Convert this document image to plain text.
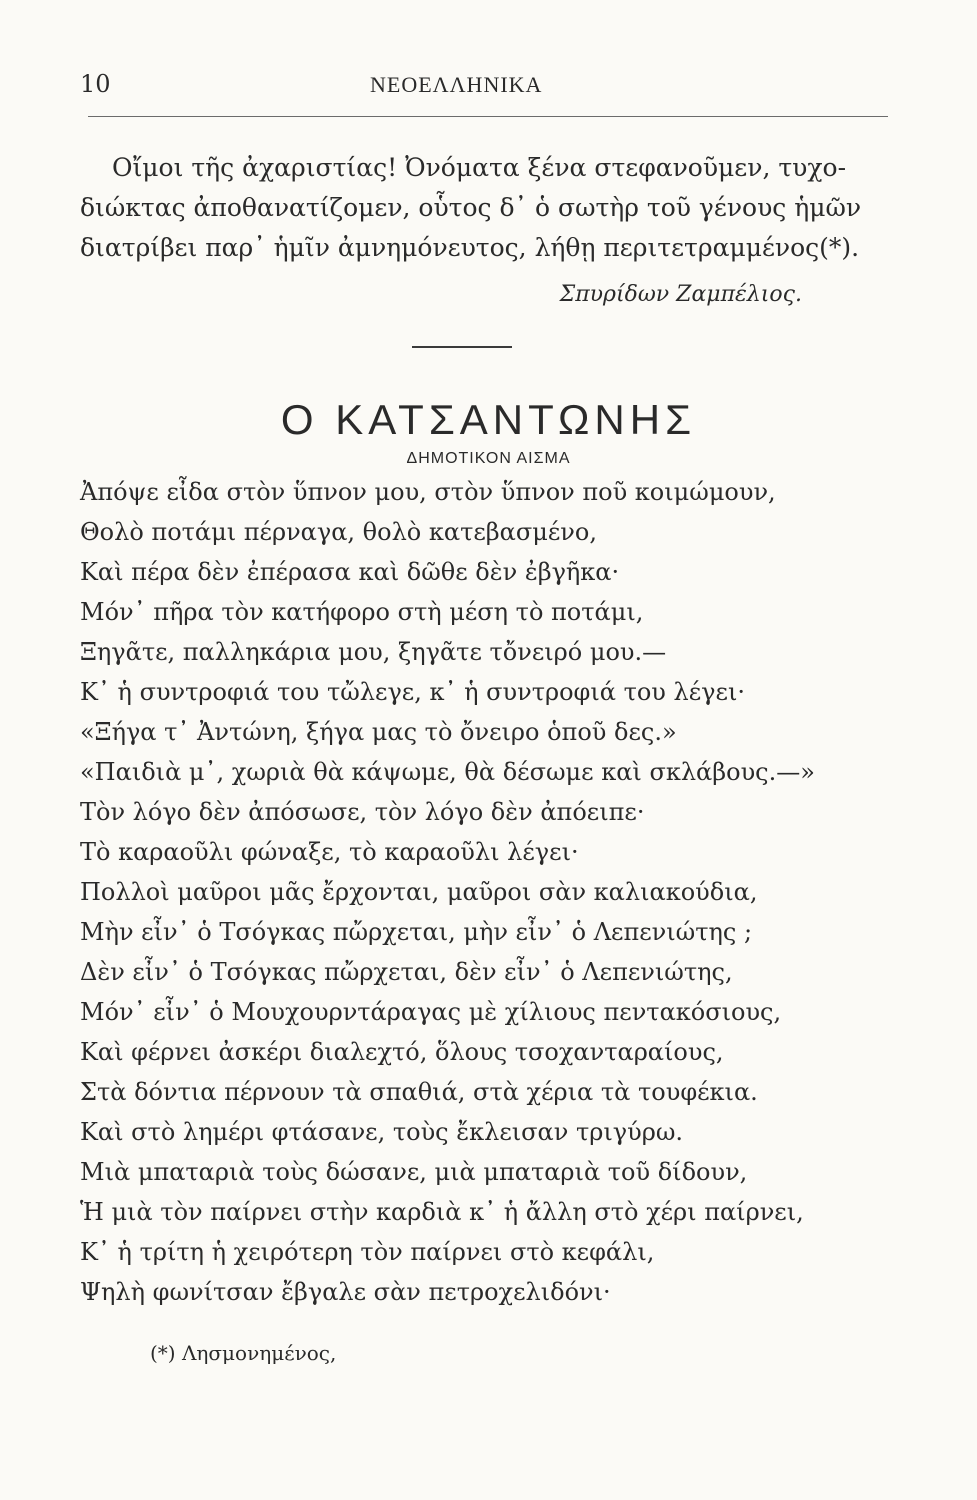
10	ΝΕΟΕΛΛΗΝΙΚΑ
Οἴμοι τῆς ἀχαριστίας! Ὀνόματα ξένα στεφανοῦμεν, τυχο-
διώκτας ἀποθανατίζομεν, οὗτος δ᾽ ὁ σωτὴρ τοῦ γένους ἡμῶν
διατρίβει παρ᾽ ἡμῖν ἀμνημόνευτος, λήθῃ περιτετραμμένος(*).
Σπυρίδων Ζαμπέλιος.
Ο ΚΑΤΣΑΝΤΩΝΗΣ
ΔΗΜΟΤΙΚΟΝ ΑΙΣΜΑ
Ἀπόψε εἶδα στὸν ὕπνον μου, στὸν ὕπνον ποῦ κοιμώμουν,
Θολὸ ποτάμι πέρναγα, θολὸ κατεβασμένο,
Καὶ πέρα δὲν ἐπέρασα καὶ δῶθε δὲν ἐβγῆκα·
Μόν᾽ πῆρα τὸν κατήφορο στὴ μέση τὸ ποτάμι,
Ξηγᾶτε, παλληκάρια μου, ξηγᾶτε τὄνειρό μου.—
Κ᾽ ἡ συντροφιά του τὤλεγε, κ᾽ ἡ συντροφιά του λέγει·
«Ξήγα τ᾽ Ἀντώνη, ξήγα μας τὸ ὄνειρο ὁποῦ δες.»
«Παιδιὰ μ᾽, χωριὰ θὰ κάψωμε, θὰ δέσωμε καὶ σκλάβους.—»
Τὸν λόγο δὲν ἀπόσωσε, τὸν λόγο δὲν ἀπόειπε·
Τὸ καραοῦλι φώναξε, τὸ καραοῦλι λέγει·
Πολλοὶ μαῦροι μᾶς ἔρχονται, μαῦροι σὰν καλιακούδια,
Μὴν εἶν᾽ ὁ Τσόγκας πὤρχεται, μὴν εἶν᾽ ὁ Λεπενιώτης ;
Δὲν εἶν᾽ ὁ Τσόγκας πὤρχεται, δὲν εἶν᾽ ὁ Λεπενιώτης,
Μόν᾽ εἶν᾽ ὁ Μουχουρντάραγας μὲ χίλιους πεντακόσιους,
Καὶ φέρνει ἀσκέρι διαλεχτό, ὅλους τσοχανταραίους,
Στὰ δόντια πέρνουν τὰ σπαθιά, στὰ χέρια τὰ τουφέκια.
Καὶ στὸ λημέρι φτάσανε, τοὺς ἔκλεισαν τριγύρω.
Μιὰ μπαταριὰ τοὺς δώσανε, μιὰ μπαταριὰ τοῦ δίδουν,
Ἡ μιὰ τὸν παίρνει στὴν καρδιὰ κ᾽ ἡ ἄλλη στὸ χέρι παίρνει,
Κ᾽ ἡ τρίτη ἡ χειρότερη τὸν παίρνει στὸ κεφάλι,
Ψηλὴ φωνίτσαν ἔβγαλε σὰν πετροχελιδόνι·
(*) Λησμονημένος,
